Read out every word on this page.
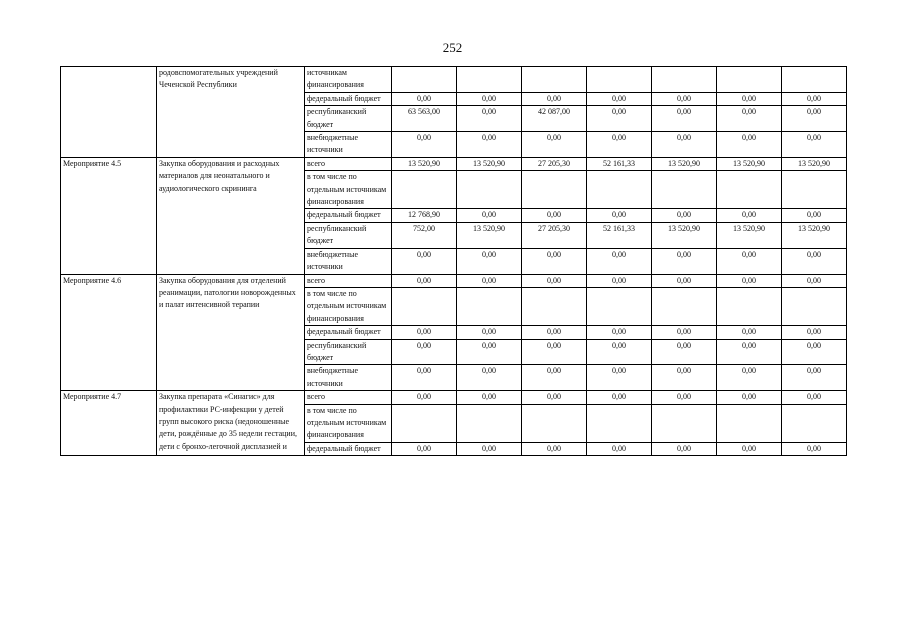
252
	родовспомогательных учреждений Чеченской Республики	источникам финансирования							
		федеральный бюджет	0,00	0,00	0,00	0,00	0,00	0,00	0,00
		республиканский бюджет	63 563,00	0,00	42 087,00	0,00	0,00	0,00	0,00
		внебюджетные источники	0,00	0,00	0,00	0,00	0,00	0,00	0,00
Мероприятие 4.5	Закупка оборудования и расходных материалов для неонатального и аудиологического скрининга	всего	13 520,90	13 520,90	27 205,30	52 161,33	13 520,90	13 520,90	13 520,90
		в том числе по отдельным источникам финансирования							
		федеральный бюджет	12 768,90	0,00	0,00	0,00	0,00	0,00	0,00
		республиканский бюджет	752,00	13 520,90	27 205,30	52 161,33	13 520,90	13 520,90	13 520,90
		внебюджетные источники	0,00	0,00	0,00	0,00	0,00	0,00	0,00
Мероприятие 4.6	Закупка оборудования для отделений реанимации, патологии новорожденных и палат интенсивной терапии	всего	0,00	0,00	0,00	0,00	0,00	0,00	0,00
		в том числе по отдельным источникам финансирования							
		федеральный бюджет	0,00	0,00	0,00	0,00	0,00	0,00	0,00
		республиканский бюджет	0,00	0,00	0,00	0,00	0,00	0,00	0,00
		внебюджетные источники	0,00	0,00	0,00	0,00	0,00	0,00	0,00
Мероприятие 4.7	Закупка препарата «Синагис» для профилактики РС-инфекции у детей групп высокого риска (недоношенные дети, рождённые до 35 недели гестации, дети с бронхо-легочной дисплазией и	всего	0,00	0,00	0,00	0,00	0,00	0,00	0,00
		в том числе по отдельным источникам финансирования							
		федеральный бюджет	0,00	0,00	0,00	0,00	0,00	0,00	0,00
